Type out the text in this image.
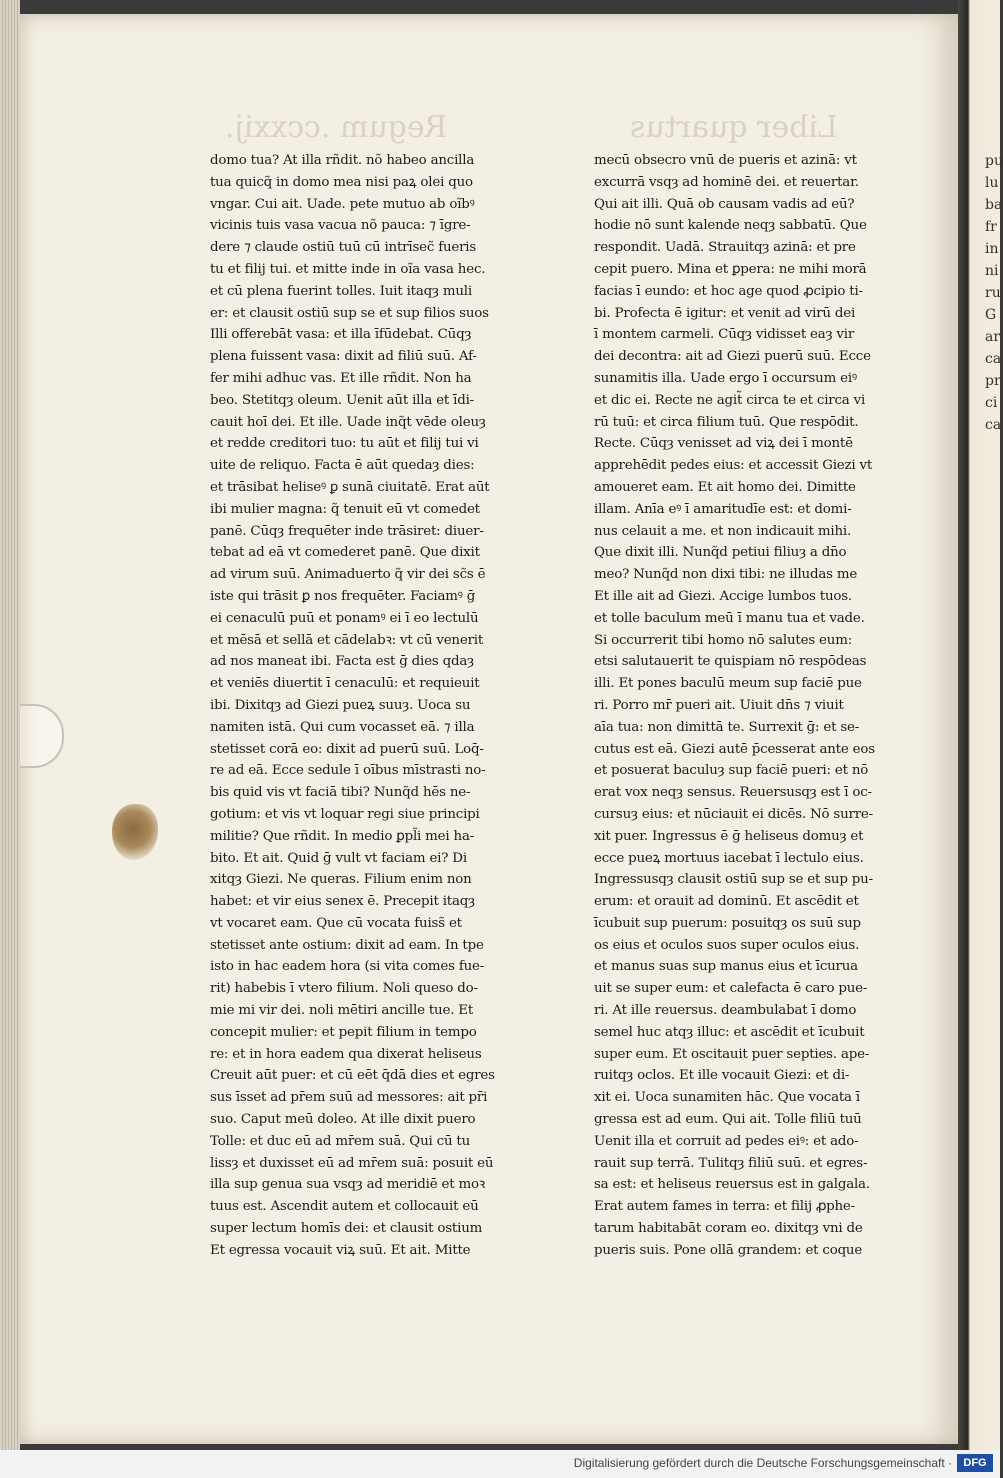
Regum .ccxxij.	Liber quartus
pu
lu
ba
fr
in
ni
ru
G
ar
ca
pr
ci
ca
domo tua? At illa rñdit. nõ habeo ancilla
tua quicq̃ in domo mea nisi paꝝ olei quo
vngar. Cui ait. Uade. pete mutuo ab oĩbꝰ
vicinis tuis vasa vacua nõ pauca: ⁊ īgre-
dere ⁊ claude ostiū tuū cū intrīsec̃ fueris
tu et filij tui. et mitte inde in oĩa vasa hec.
et cū plena fuerint tolles. Iuit itaqȝ muli
er: et clausit ostiū sup se et sup filios suos
Illi offerebāt vasa: et illa īfūdebat. Cūqȝ
plena fuissent vasa: dixit ad filiū suū. Af-
fer mihi adhuc vas. Et ille rñdit. Non ha
beo. Stetitqȝ oleum. Uenit aūt illa et īdi-
cauit hoī dei. Et ille. Uade inq̃t vēde oleuȝ
et redde creditori tuo: tu aūt et filij tui vi
uite de reliquo. Facta ē aūt quedaȝ dies:
et trāsibat heliseꝰ ꝑ sunā ciuitatē. Erat aūt
ibi mulier magna: q̃ tenuit eū vt comedet
panē. Cūqȝ frequēter inde trāsiret: diuer-
tebat ad eā vt comederet panē. Que dixit
ad virum suū. Animaduerto q̃ vir dei sc̃s ē
iste qui trāsit ꝑ nos frequēter. Faciamꝰ ḡ
ei cenaculū puū et ponamꝰ ei ī eo lectulū
et mēsā et sellā et cādelabꝛ: vt cū venerit
ad nos maneat ibi. Facta est ḡ dies qdaȝ
et veniēs diuertit ī cenaculū: et requieuit
ibi. Dixitqȝ ad Giezi pueꝝ suuȝ. Uoca su
namiten istā. Qui cum vocasset eā. ⁊ illa
stetisset corā eo: dixit ad puerū suū. Loq̄-
re ad eā. Ecce sedule ī oībus mīstrasti no-
bis quid vis vt faciā tibi? Nunq̃d hēs ne-
gotium: et vis vt loquar regi siue principi
militie? Que rñdit. In medio ꝑpl̃i mei ha-
bito. Et ait. Quid ḡ vult vt faciam ei? Di
xitqȝ Giezi. Ne queras. Filium enim non
habet: et vir eius senex ē. Precepit itaqȝ
vt vocaret eam. Que cū vocata fuiss̃ et
stetisset ante ostium: dixit ad eam. In tpe
isto in hac eadem hora (si vita comes fue-
rit) habebis ī vtero filium. Noli queso do-
mie mi vir dei. noli mētiri ancille tue. Et
concepit mulier: et pepit filium in tempo
re: et in hora eadem qua dixerat heliseus
Creuit aūt puer: et cū eēt q̄dā dies et egres
sus īsset ad pr̄em suū ad messores: ait pr̄i
suo. Caput meū doleo. At ille dixit puero
Tolle: et duc eū ad mr̄em suā. Qui cū tu
lissȝ et duxisset eū ad mr̄em suā: posuit eū
illa sup genua sua vsqȝ ad meridiē et moꝛ
tuus est. Ascendit autem et collocauit eū
super lectum homīs dei: et clausit ostium
Et egressa vocauit viꝝ suū. Et ait. Mitte
mecū obsecro vnū de pueris et azinā: vt
excurrā vsqȝ ad hominē dei. et reuertar.
Qui ait illi. Quā ob causam vadis ad eū?
hodie nō sunt kalende neqȝ sabbatū. Que
respondit. Uadā. Strauitqȝ azinā: et pre
cepit puero. Mina et ꝑpera: ne mihi morā
facias ī eundo: et hoc age quod ꝓcipio ti-
bi. Profecta ē igitur: et venit ad virū dei
ī montem carmeli. Cūqȝ vidisset eaȝ vir
dei decontra: ait ad Giezi puerū suū. Ecce
sunamitis illa. Uade ergo ī occursum eiꝰ
et dic ei. Recte ne agit̃ circa te et circa vi
rū tuū: et circa filium tuū. Que respōdit.
Recte. Cūqȝ venisset ad viꝝ dei ī montē
apprehēdit pedes eius: et accessit Giezi vt
amoueret eam. Et ait homo dei. Dimitte
illam. Anīa eꝰ ī amaritudīe est: et domi-
nus celauit a me. et non indicauit mihi.
Que dixit illi. Nunq̃d petiui filiuȝ a dn̄o
meo? Nunq̃d non dixi tibi: ne illudas me
Et ille ait ad Giezi. Accige lumbos tuos.
et tolle baculum meū ī manu tua et vade.
Si occurrerit tibi homo nō salutes eum:
etsi salutauerit te quispiam nō respōdeas
illi. Et pones baculū meum sup faciē pue
ri. Porro mr̄ pueri ait. Uiuit dn̄s ⁊ viuit
aīa tua: non dimittā te. Surrexit ḡ: et se-
cutus est eā. Giezi autē p̄cesserat ante eos
et posuerat baculuȝ sup faciē pueri: et nō
erat vox neqȝ sensus. Reuersusqȝ est ī oc-
cursuȝ eius: et nūciauit ei dicēs. Nō surre-
xit puer. Ingressus ē ḡ heliseus domuȝ et
ecce pueꝝ mortuus iacebat ī lectulo eius.
Ingressusqȝ clausit ostiū sup se et sup pu-
erum: et orauit ad dominū. Et ascēdit et
īcubuit sup puerum: posuitqȝ os suū sup
os eius et oculos suos super oculos eius.
et manus suas sup manus eius et īcurua
uit se super eum: et calefacta ē caro pue-
ri. At ille reuersus. deambulabat ī domo
semel huc atqȝ illuc: et ascēdit et īcubuit
super eum. Et oscitauit puer septies. ape-
ruitqȝ oclos. Et ille vocauit Giezi: et di-
xit ei. Uoca sunamiten hāc. Que vocata ī
gressa est ad eum. Qui ait. Tolle filiū tuū
Uenit illa et corruit ad pedes eiꝰ: et ado-
rauit sup terrā. Tulitqȝ filiū suū. et egres-
sa est: et heliseus reuersus est in galgala.
Erat autem fames in terra: et filij ꝓphe-
tarum habitabāt coram eo. dixitqȝ vni de
pueris suis. Pone ollā grandem: et coque
Digitalisierung gefördert durch die Deutsche Forschungsgemeinschaft ·	DFG
